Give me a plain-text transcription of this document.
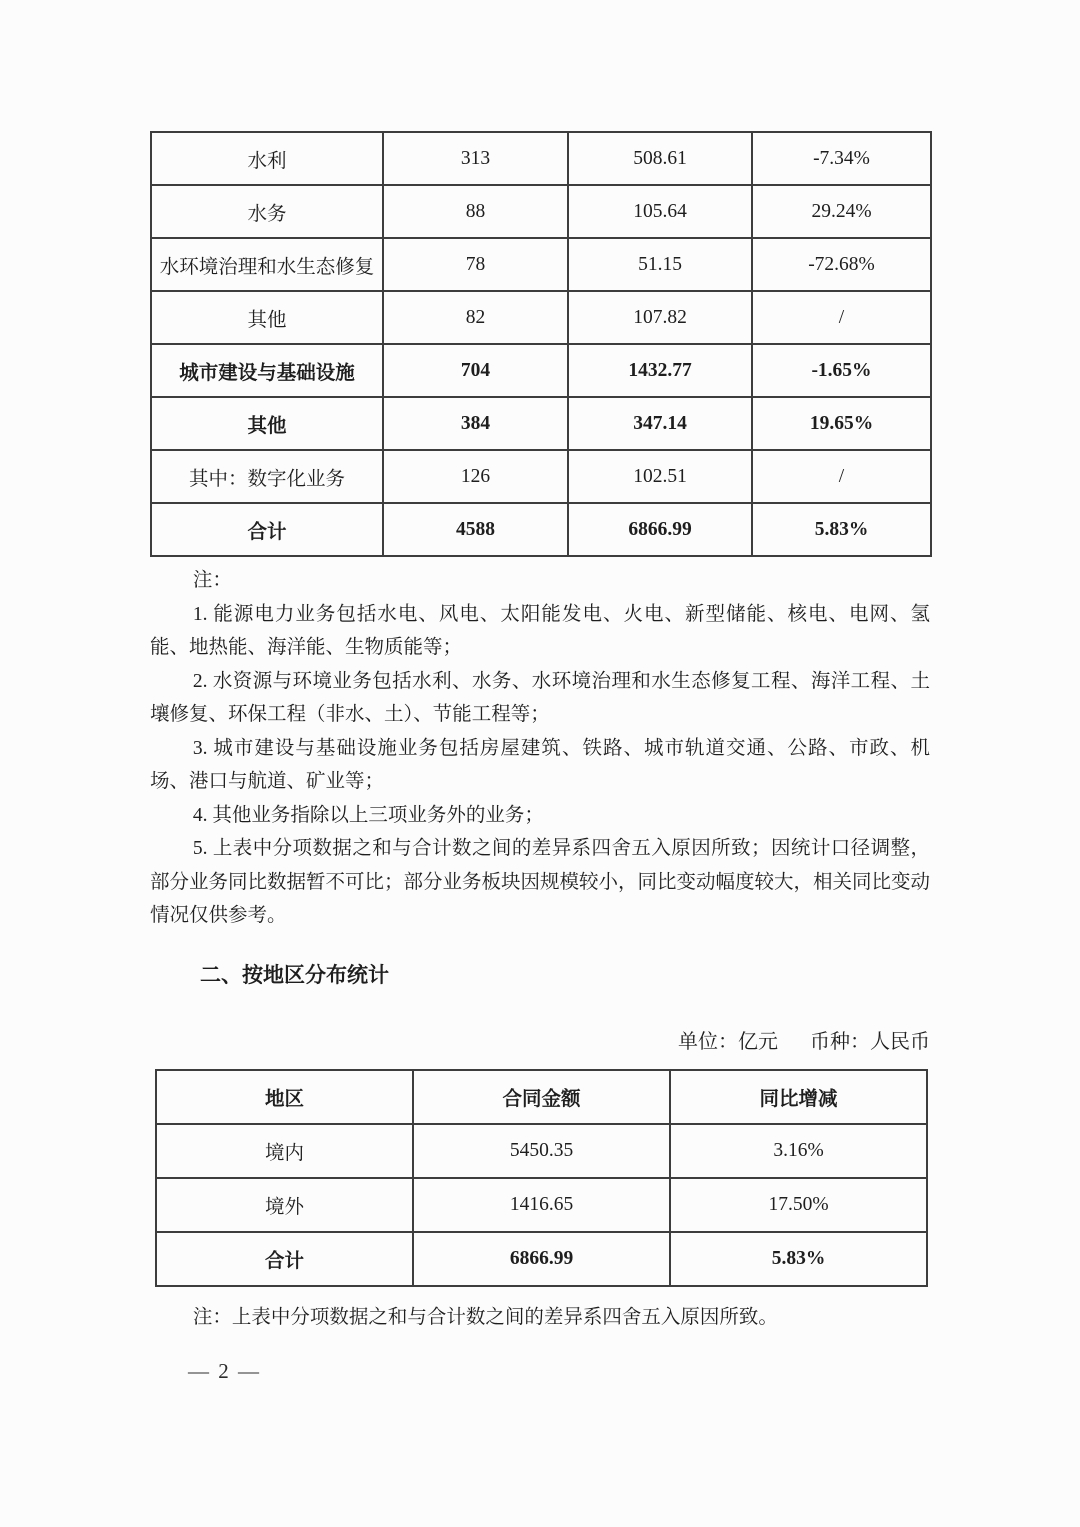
水利	313	508.61	-7.34%
水务	88	105.64	29.24%
水环境治理和水生态修复	78	51.15	-72.68%
其他	82	107.82	/
城市建设与基础设施	704	1432.77	-1.65%
其他	384	347.14	19.65%
其中：数字化业务	126	102.51	/
合计	4588	6866.99	5.83%

注：

1. 能源电力业务包括水电、风电、太阳能发电、火电、新型储能、核电、电网、氢能、地热能、海洋能、生物质能等；

2. 水资源与环境业务包括水利、水务、水环境治理和水生态修复工程、海洋工程、土壤修复、环保工程（非水、土）、节能工程等；

3. 城市建设与基础设施业务包括房屋建筑、铁路、城市轨道交通、公路、市政、机场、港口与航道、矿业等；

4. 其他业务指除以上三项业务外的业务；

5. 上表中分项数据之和与合计数之间的差异系四舍五入原因所致；因统计口径调整，部分业务同比数据暂不可比；部分业务板块因规模较小，同比变动幅度较大，相关同比变动情况仅供参考。

二、按地区分布统计
单位：亿元 币种：人民币
地区	合同金额	同比增减
境内	5450.35	3.16%
境外	1416.65	17.50%
合计	6866.99	5.83%

注：上表中分项数据之和与合计数之间的差异系四舍五入原因所致。

— 2 —
